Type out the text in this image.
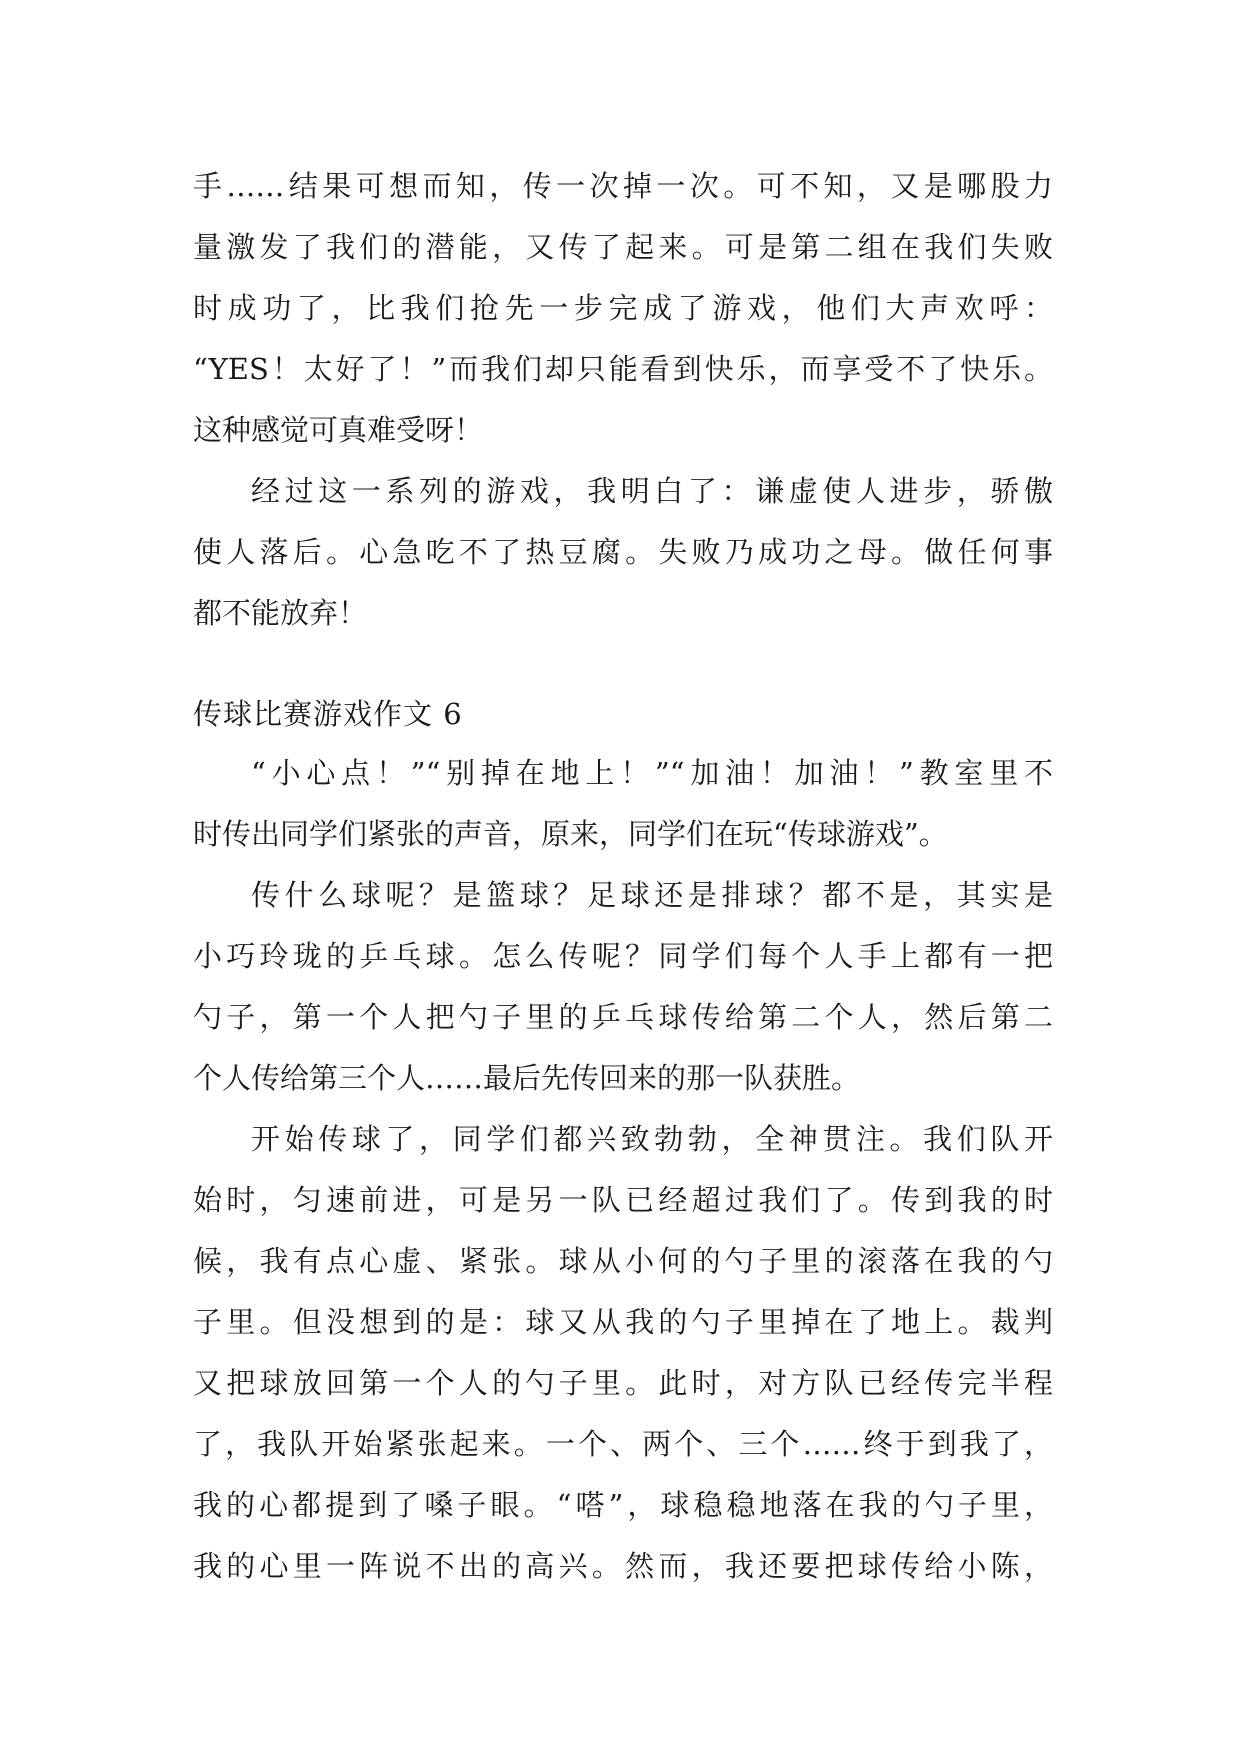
手……结果可想而知，传一次掉一次。可不知，又是哪股力
量激发了我们的潜能，又传了起来。可是第二组在我们失败
时成功了，比我们抢先一步完成了游戏，他们大声欢呼：
“YES！太好了！”而我们却只能看到快乐，而享受不了快乐。
这种感觉可真难受呀！
经过这一系列的游戏，我明白了：谦虚使人进步，骄傲
使人落后。心急吃不了热豆腐。失败乃成功之母。做任何事
都不能放弃！
传球比赛游戏作文 6
“小心点！”“别掉在地上！”“加油！加油！”教室里不
时传出同学们紧张的声音，原来，同学们在玩“传球游戏”。
传什么球呢？是篮球？足球还是排球？都不是，其实是
小巧玲珑的乒乓球。怎么传呢？同学们每个人手上都有一把
勺子，第一个人把勺子里的乒乓球传给第二个人，然后第二
个人传给第三个人……最后先传回来的那一队获胜。
开始传球了，同学们都兴致勃勃，全神贯注。我们队开
始时，匀速前进，可是另一队已经超过我们了。传到我的时
候，我有点心虚、紧张。球从小何的勺子里的滚落在我的勺
子里。但没想到的是：球又从我的勺子里掉在了地上。裁判
又把球放回第一个人的勺子里。此时，对方队已经传完半程
了，我队开始紧张起来。一个、两个、三个……终于到我了，
我的心都提到了嗓子眼。“嗒”，球稳稳地落在我的勺子里，
我的心里一阵说不出的高兴。然而，我还要把球传给小陈，
